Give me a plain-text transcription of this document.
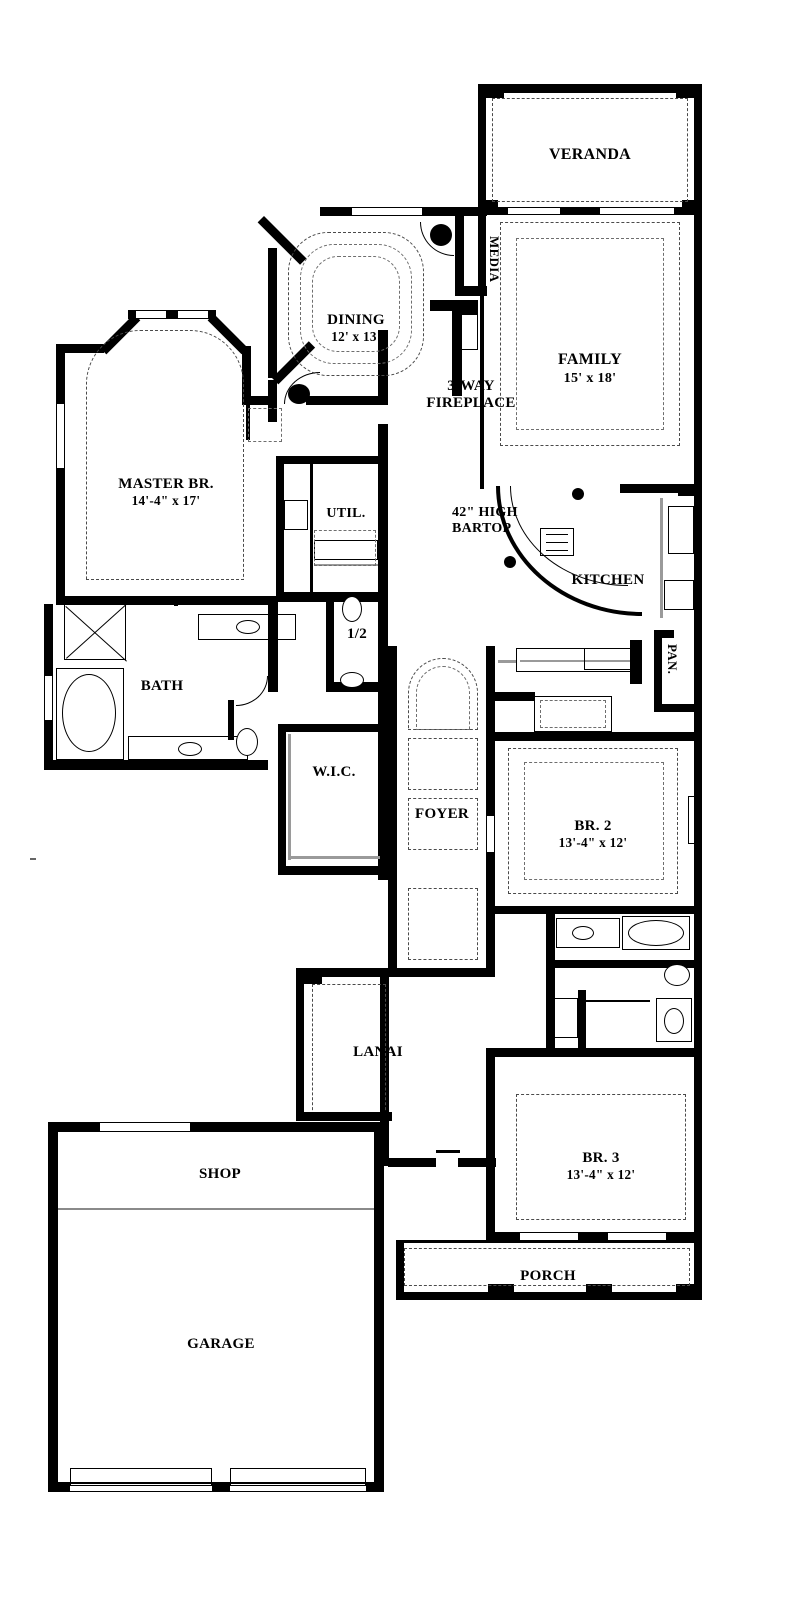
VERANDA

FAMILY

15' x 18'

MEDIA

DINING

12' x 13'

3-WAY

FIREPLACE

MASTER BR.

14'-4" x 17'

UTIL.
1/2
BATH
W.I.C.
FOYER

42" HIGH

BARTOP

KITCHEN
PAN.

BR. 2

13'-4" x 12'

BR. 3

13'-4" x 12'

LANAI
PORCH
SHOP
GARAGE
